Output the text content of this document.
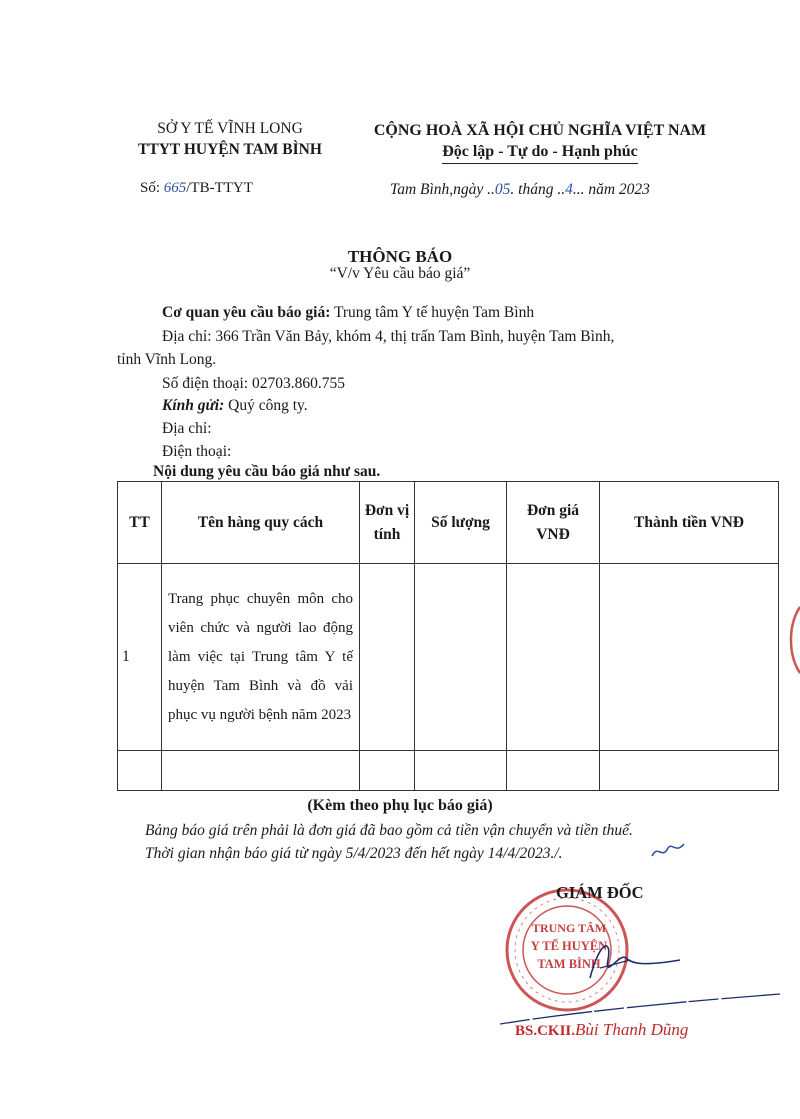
SỞ Y TẾ VĨNH LONG
TTYT HUYỆN TAM BÌNH
CỘNG HOÀ XÃ HỘI CHỦ NGHĨA VIỆT NAM
Độc lập - Tự do - Hạnh phúc
Số: 665/TB-TTYT	Tam Bình,ngày ..05. tháng ..4... năm 2023
THÔNG BÁO
“V/v Yêu cầu báo giá”
Cơ quan yêu cầu báo giá: Trung tâm Y tế huyện Tam Bình
Địa chỉ: 366 Trần Văn Bảy, khóm 4, thị trấn Tam Bình, huyện Tam Bình,
tỉnh Vĩnh Long.
Số điện thoại: 02703.860.755
Kính gửi: Quý công ty.
Địa chỉ:
Điện thoại:
Nội dung yêu cầu báo giá như sau.
TT	Tên hàng quy cách	Đơn vị tính	Số lượng	Đơn giá VNĐ	Thành tiền VNĐ
1	Trang phục chuyên môn cho viên chức và người lao động làm việc tại Trung tâm Y tế huyện Tam Bình và đồ vải phục vụ người bệnh năm 2023				

(Kèm theo phụ lục báo giá)
Bảng báo giá trên phải là đơn giá đã bao gồm cả tiền vận chuyển và tiền thuế.
Thời gian nhận báo giá từ ngày 5/4/2023 đến hết ngày 14/4/2023./.
TRUNG TÂM
Y TẾ HUYỆN
TAM BÌNH
GIÁM ĐỐC
BS.CKII.Bùi Thanh Dũng
